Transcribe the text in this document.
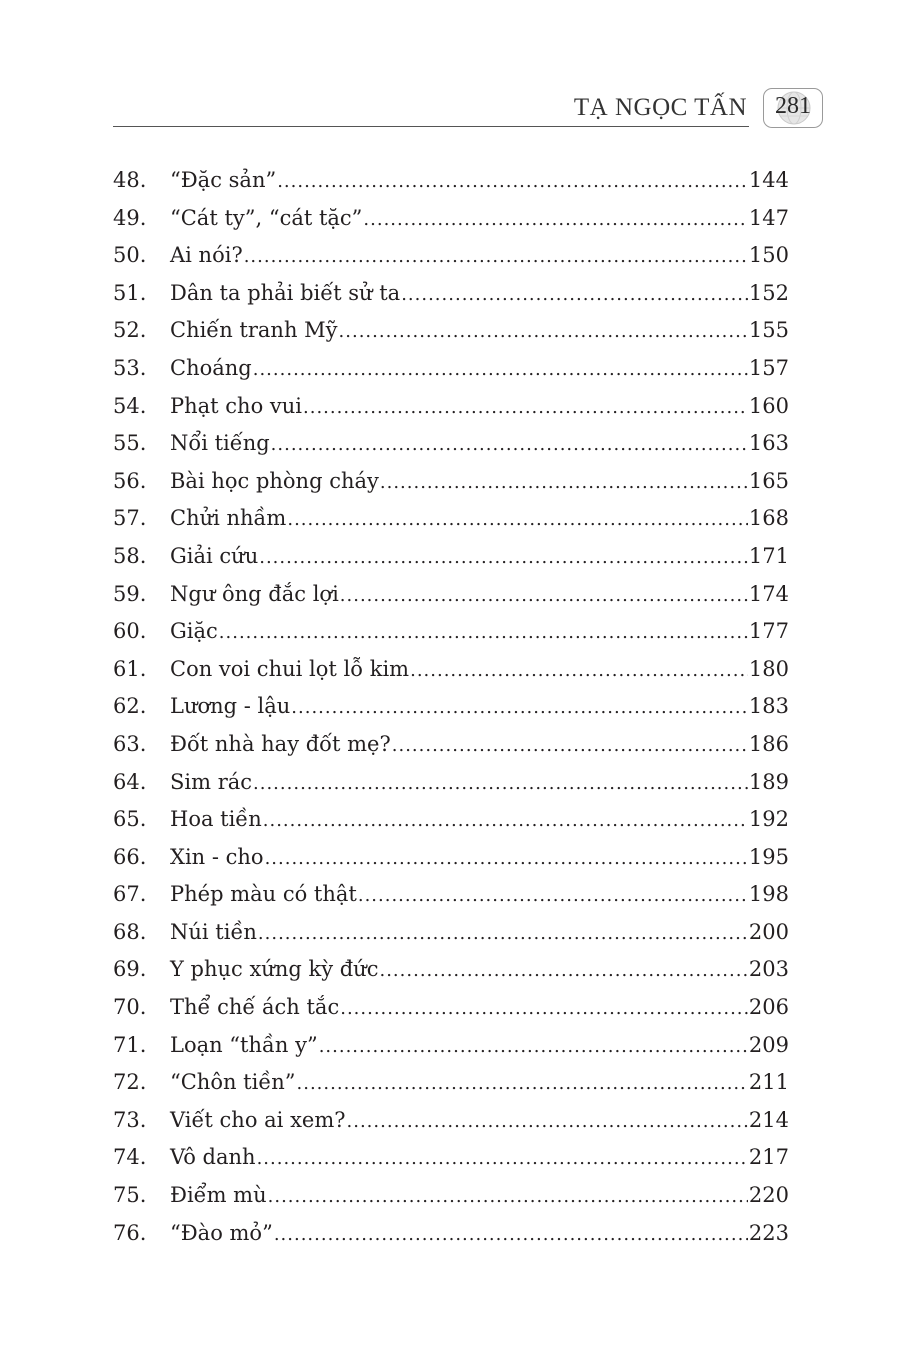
TẠ NGỌC TẤN	281
48.	“Đặc sản” .....	144
49.	“Cát ty”, “cát tặc” .....	147
50.	Ai nói? .....	150
51.	Dân ta phải biết sử ta .....	152
52.	Chiến tranh Mỹ .....	155
53.	Choáng .....	157
54.	Phạt cho vui .....	160
55.	Nổi tiếng .....	163
56.	Bài học phòng cháy .....	165
57.	Chửi nhầm .....	168
58.	Giải cứu .....	171
59.	Ngư ông đắc lợi .....	174
60.	Giặc .....	177
61.	Con voi chui lọt lỗ kim .....	180
62.	Lương - lậu .....	183
63.	Đốt nhà hay đốt mẹ? .....	186
64.	Sim rác .....	189
65.	Hoa tiền .....	192
66.	Xin - cho .....	195
67.	Phép màu có thật .....	198
68.	Núi tiền .....	200
69.	Y phục xứng kỳ đức .....	203
70.	Thể chế ách tắc .....	206
71.	Loạn “thần y” .....	209
72.	“Chôn tiền” .....	211
73.	Viết cho ai xem? .....	214
74.	Vô danh .....	217
75.	Điểm mù .....	220
76.	“Đào mỏ” .....	223
